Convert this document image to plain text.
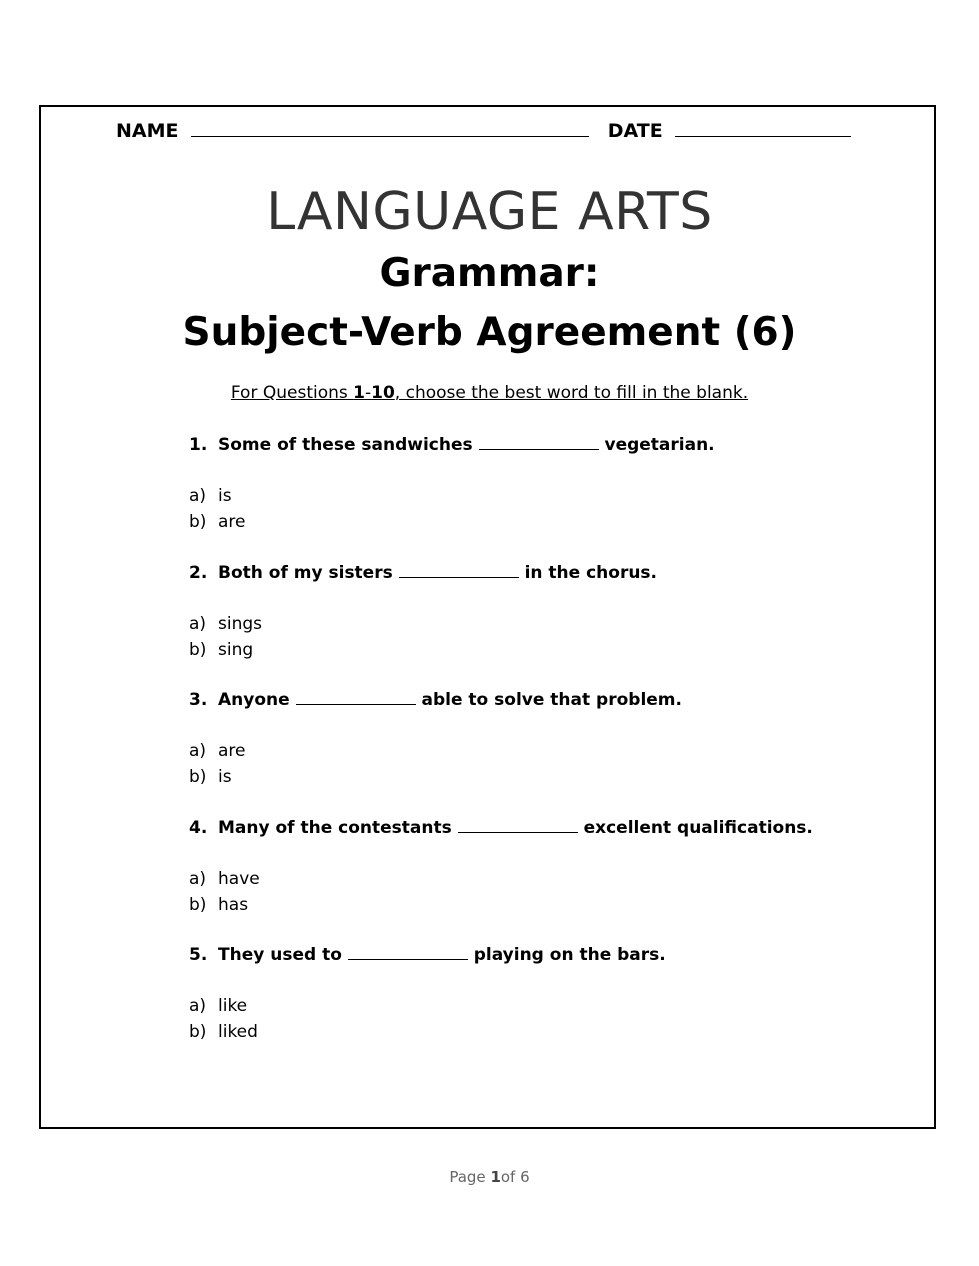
NAME	DATE
LANGUAGE ARTS
Grammar:
Subject-Verb Agreement (6)
For Questions 1-10, choose the best word to fill in the blank.
1. Some of these sandwiches	vegetarian.
a) is
b) are
2. Both of my sisters	in the chorus.
a) sings
b) sing
3. Anyone	able to solve that problem.
a) are
b) is
4. Many of the contestants	excellent qualifications.
a) have
b) has
5. They used to	playing on the bars.
a) like
b) liked
Page 1of 6
